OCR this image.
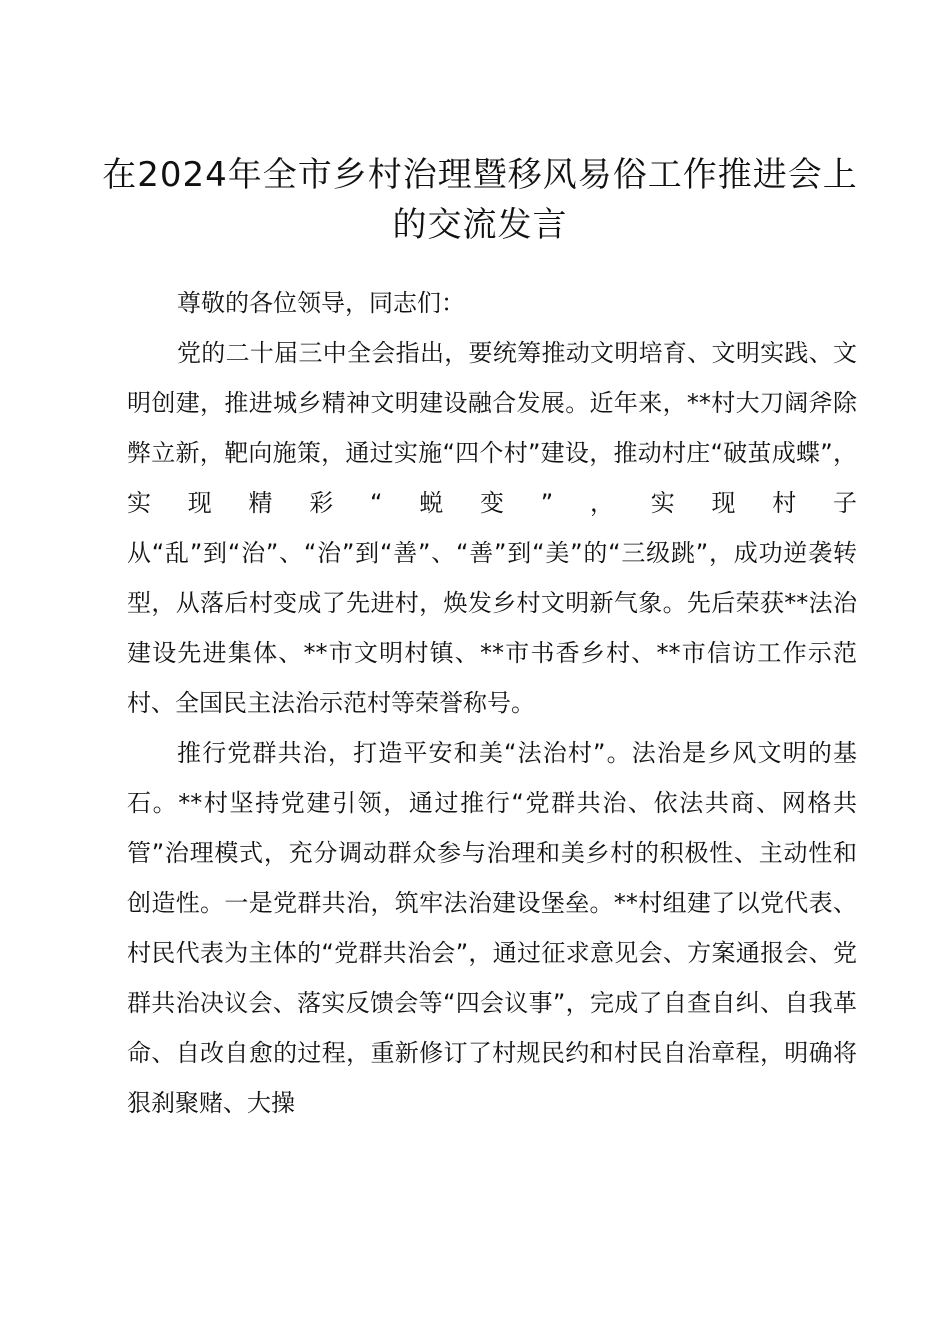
在2024年全市乡村治理暨移风易俗工作推进会上的交流发言

尊敬的各位领导，同志们：

党的二十届三中全会指出，要统筹推动文明培育、文明实践、文明创建，推进城乡精神文明建设融合发展。近年来，**村大刀阔斧除弊立新，靶向施策，通过实施“四个村”建设，推动村庄“破茧成蝶”，实现精彩“蜕变”，实现村子从“乱”到“治”、“治”到“善”、“善”到“美”的“三级跳”，成功逆袭转型，从落后村变成了先进村，焕发乡村文明新气象。先后荣获**法治建设先进集体、**市文明村镇、**市书香乡村、**市信访工作示范村、全国民主法治示范村等荣誉称号。

推行党群共治，打造平安和美“法治村”。法治是乡风文明的基石。**村坚持党建引领，通过推行“党群共治、依法共商、网格共管”治理模式，充分调动群众参与治理和美乡村的积极性、主动性和创造性。一是党群共治，筑牢法治建设堡垒。**村组建了以党代表、村民代表为主体的“党群共治会”，通过征求意见会、方案通报会、党群共治决议会、落实反馈会等“四会议事”，完成了自查自纠、自我革命、自改自愈的过程，重新修订了村规民约和村民自治章程，明确将狠刹聚赌、大操
